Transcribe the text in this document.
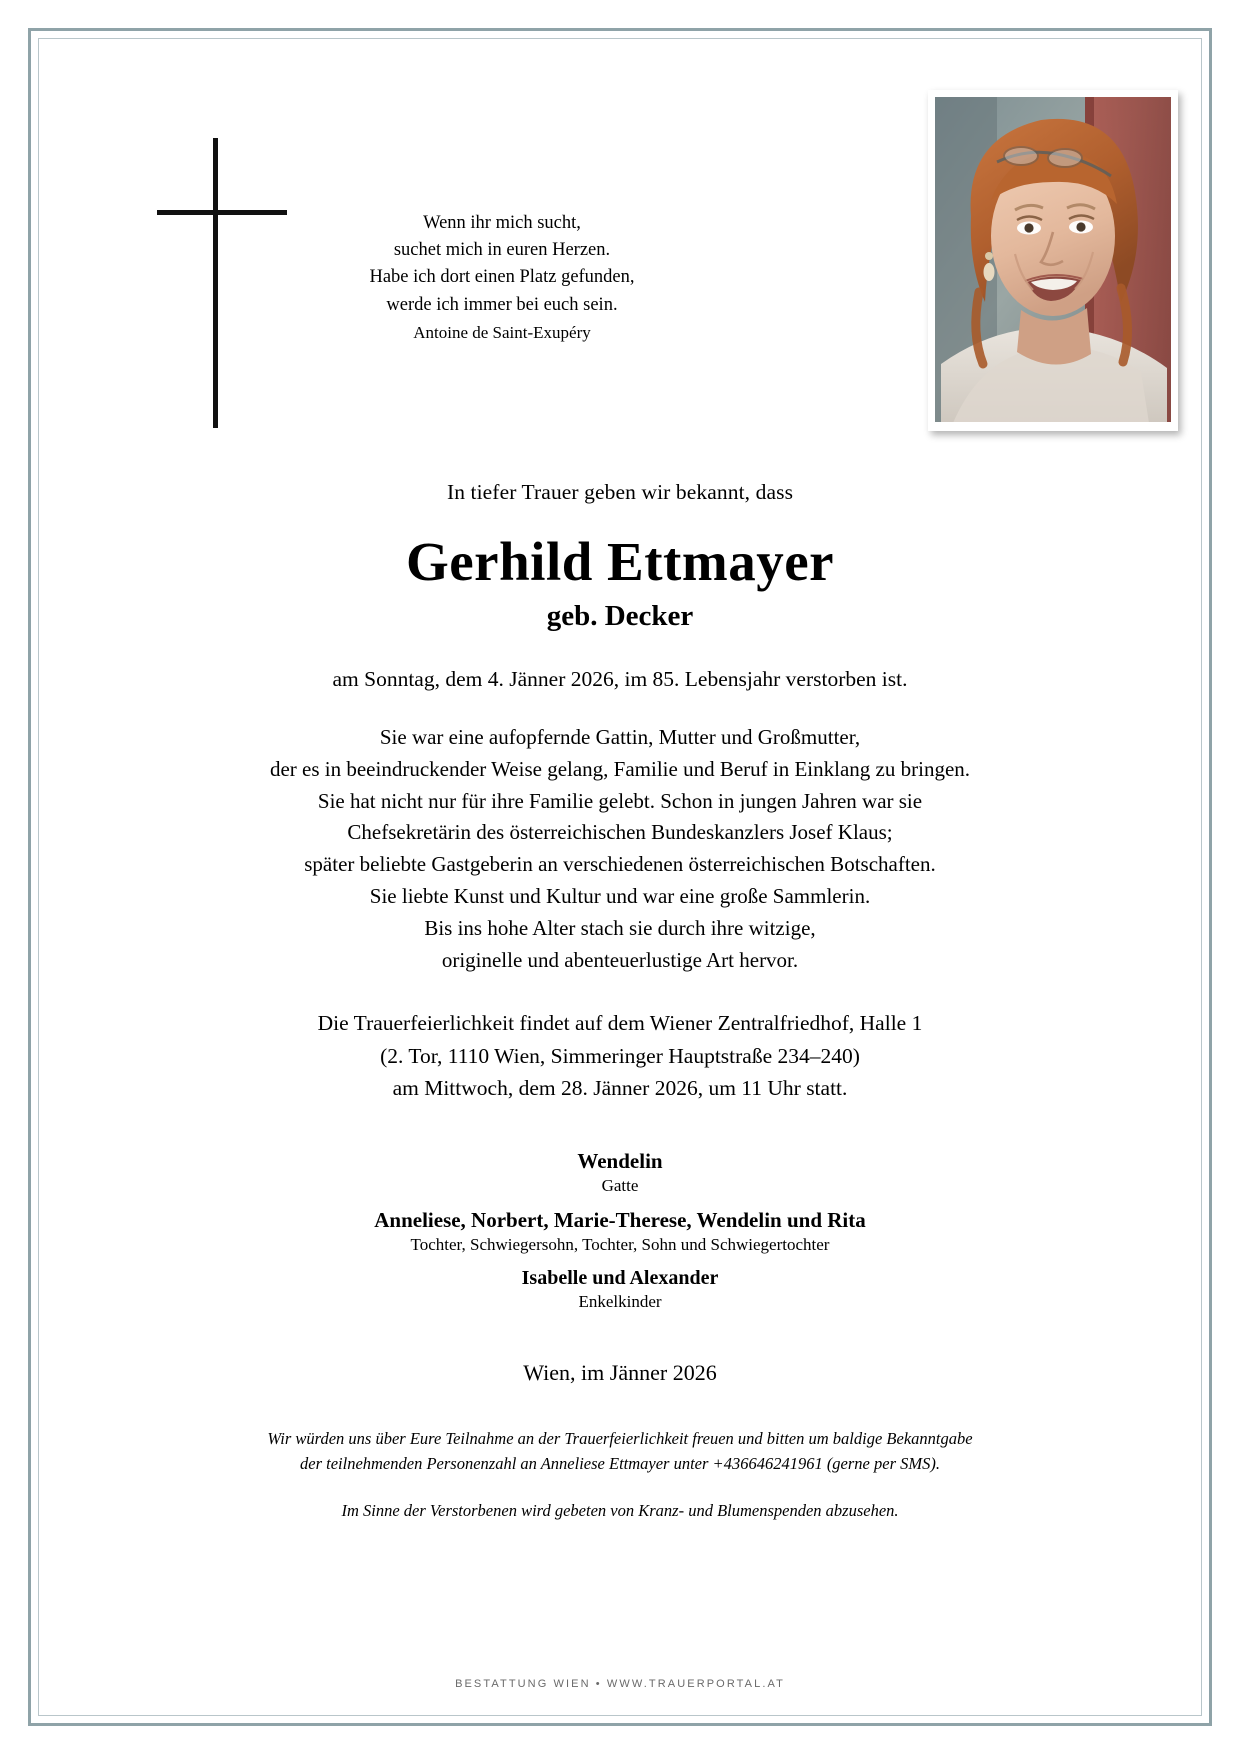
Wenn ihr mich sucht,
suchet mich in euren Herzen.
Habe ich dort einen Platz gefunden,
werde ich immer bei euch sein.
Antoine de Saint-Exupéry
In tiefer Trauer geben wir bekannt, dass
Gerhild Ettmayer
geb. Decker
am Sonntag, dem 4. Jänner 2026, im 85. Lebensjahr verstorben ist.
Sie war eine aufopfernde Gattin, Mutter und Großmutter,
der es in beeindruckender Weise gelang, Familie und Beruf in Einklang zu bringen.
Sie hat nicht nur für ihre Familie gelebt. Schon in jungen Jahren war sie
Chefsekretärin des österreichischen Bundeskanzlers Josef Klaus;
später beliebte Gastgeberin an verschiedenen österreichischen Botschaften.
Sie liebte Kunst und Kultur und war eine große Sammlerin.
Bis ins hohe Alter stach sie durch ihre witzige,
originelle und abenteuerlustige Art hervor.
Die Trauerfeierlichkeit findet auf dem Wiener Zentralfriedhof, Halle 1
(2. Tor, 1110 Wien, Simmeringer Hauptstraße 234–240)
am Mittwoch, dem 28. Jänner 2026, um 11 Uhr statt.
Wendelin
Gatte
Anneliese, Norbert, Marie-Therese, Wendelin und Rita
Tochter, Schwiegersohn, Tochter, Sohn und Schwiegertochter
Isabelle und Alexander
Enkelkinder
Wien, im Jänner 2026
Wir würden uns über Eure Teilnahme an der Trauerfeierlichkeit freuen und bitten um baldige Bekanntgabe
der teilnehmenden Personenzahl an Anneliese Ettmayer unter +436646241961 (gerne per SMS).
Im Sinne der Verstorbenen wird gebeten von Kranz- und Blumenspenden abzusehen.
BESTATTUNG WIEN • WWW.TRAUERPORTAL.AT
